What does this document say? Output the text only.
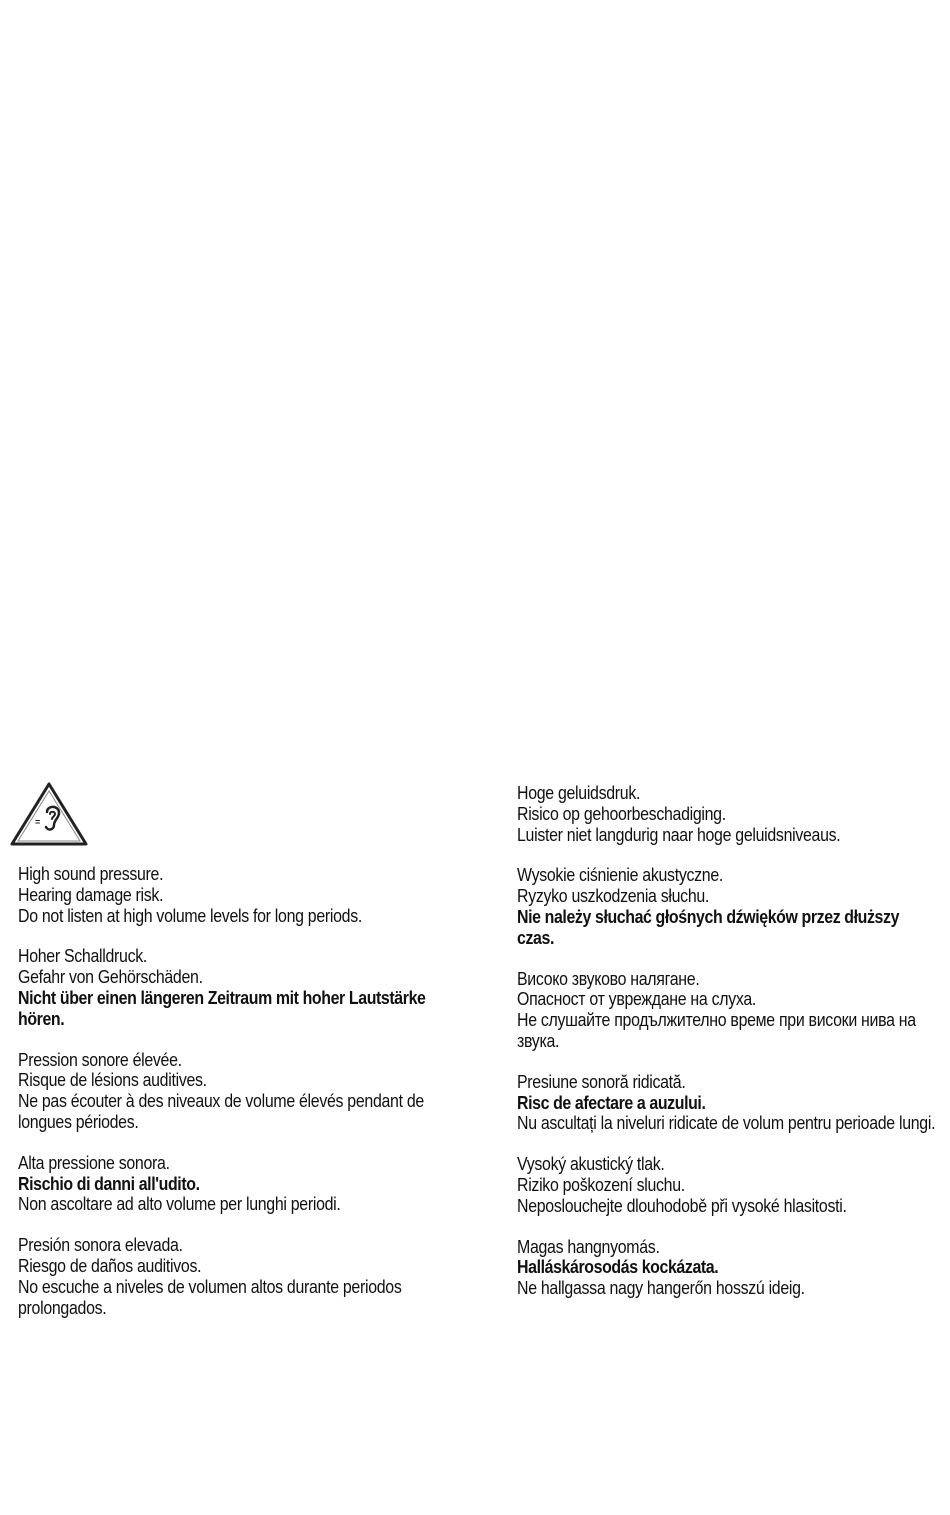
=
High sound pressure.
Hearing damage risk.
Do not listen at high volume levels for long periods.
Hoher Schalldruck.
Gefahr von Gehörschäden.
Nicht über einen längeren Zeitraum mit hoher Lautstärke hören.
Pression sonore élevée.
Risque de lésions auditives.
Ne pas écouter à des niveaux de volume élevés pendant de longues périodes.
Alta pressione sonora.
Rischio di danni all'udito.
Non ascoltare ad alto volume per lunghi periodi.
Presión sonora elevada.
Riesgo de daños auditivos.
No escuche a niveles de volumen altos durante periodos prolongados.
Hoge geluidsdruk.
Risico op gehoorbeschadiging.
Luister niet langdurig naar hoge geluidsniveaus.
Wysokie ciśnienie akustyczne.
Ryzyko uszkodzenia słuchu.
Nie należy słuchać głośnych dźwięków przez dłuższy czas.
Високо звуково налягане.
Опасност от увреждане на слуха.
Не слушайте продължително време при високи нива на звука.
Presiune sonoră ridicată.
Risc de afectare a auzului.
Nu ascultați la niveluri ridicate de volum pentru perioade lungi.
Vysoký akustický tlak.
Riziko poškození sluchu.
Neposlouchejte dlouhodobě při vysoké hlasitosti.
Magas hangnyomás.
Halláskárosodás kockázata.
Ne hallgassa nagy hangerőn hosszú ideig.
